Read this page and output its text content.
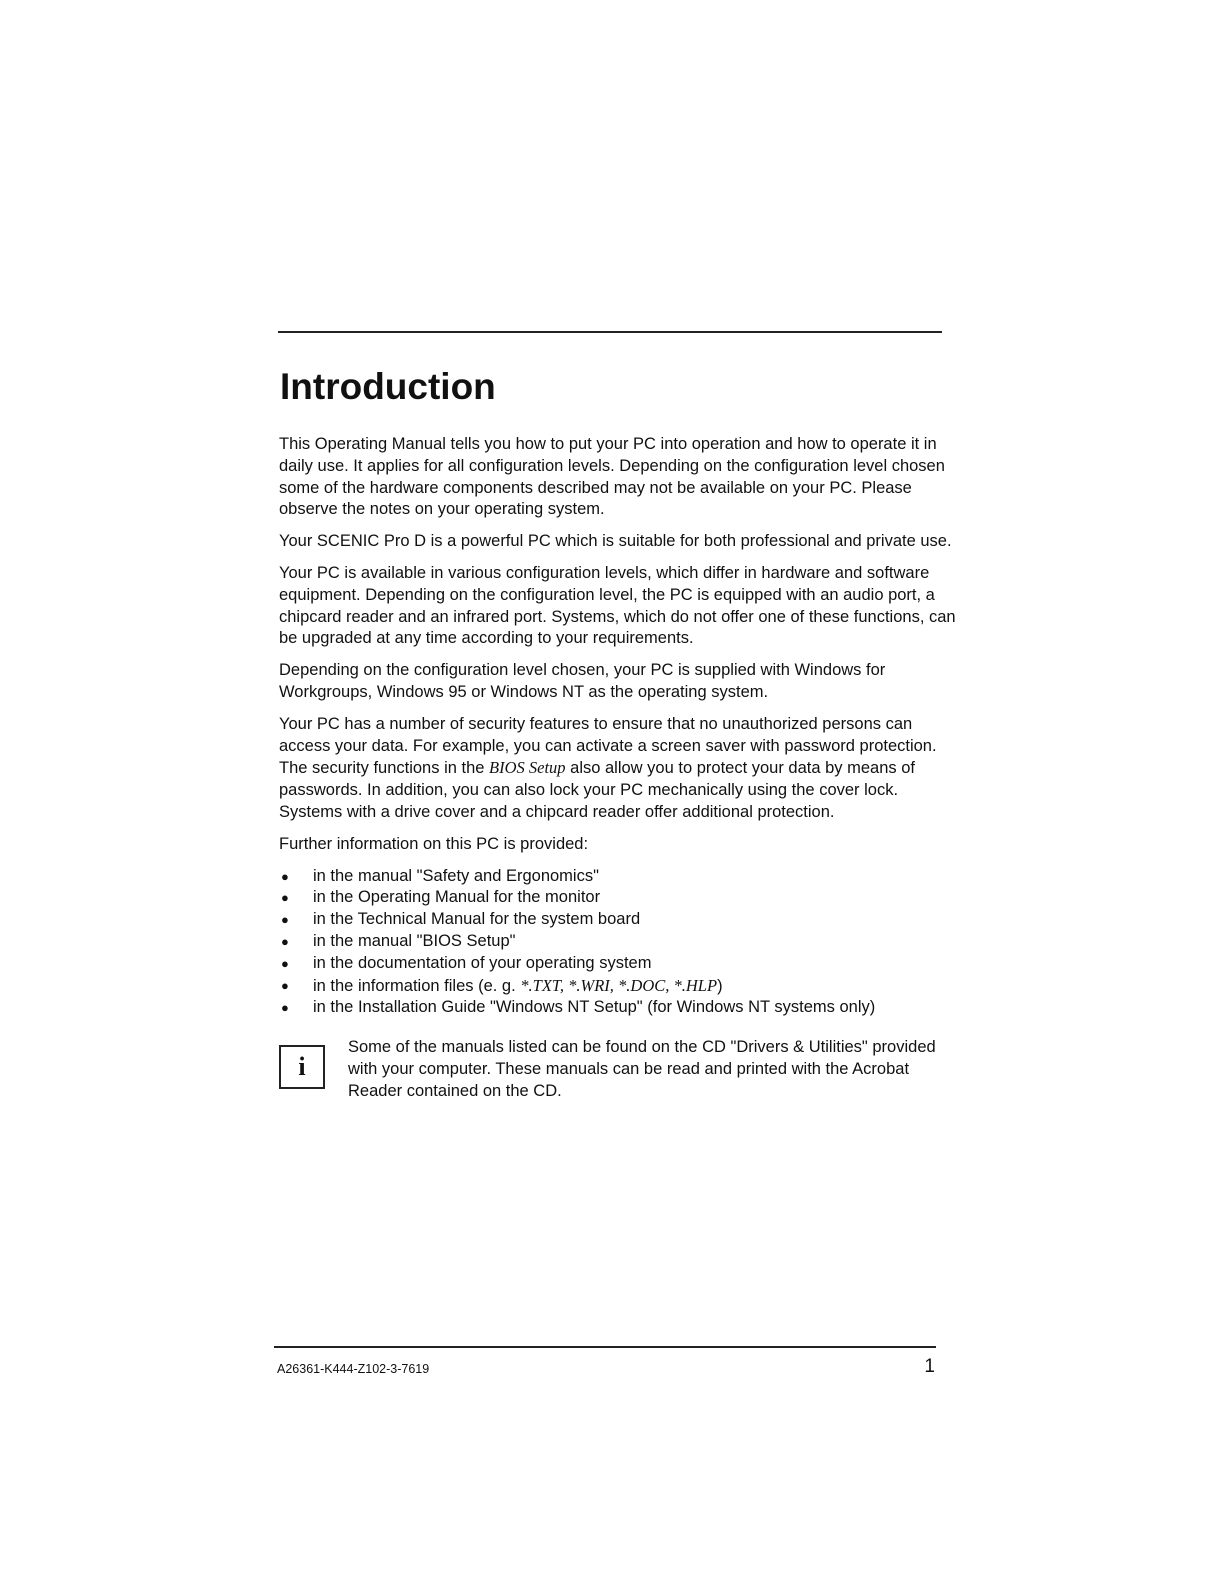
Introduction

This Operating Manual tells you how to put your PC into operation and how to operate it in daily use. It applies for all configuration levels. Depending on the configuration level chosen some of the hardware components described may not be available on your PC. Please observe the notes on your operating system.

Your SCENIC Pro D is a powerful PC which is suitable for both professional and private use.

Your PC is available in various configuration levels, which differ in hardware and software equipment. Depending on the configuration level, the PC is equipped with an audio port, a chipcard reader and an infrared port. Systems, which do not offer one of these functions, can be upgraded at any time according to your requirements.

Depending on the configuration level chosen, your PC is supplied with Windows for Workgroups, Windows 95 or Windows NT as the operating system.

Your PC has a number of security features to ensure that no unauthorized persons can access your data. For example, you can activate a screen saver with password protection. The security functions in the BIOS Setup also allow you to protect your data by means of passwords. In addition, you can also lock your PC mechanically using the cover lock. Systems with a drive cover and a chipcard reader offer additional protection.

Further information on this PC is provided:

● in the manual "Safety and Ergonomics"
● in the Operating Manual for the monitor
● in the Technical Manual for the system board
● in the manual "BIOS Setup"
● in the documentation of your operating system
● in the information files (e. g. *.TXT, *.WRI, *.DOC, *.HLP)
● in the Installation Guide "Windows NT Setup" (for Windows NT systems only)
i

Some of the manuals listed can be found on the CD "Drivers & Utilities" provided with your computer. These manuals can be read and printed with the Acrobat Reader contained on the CD.

A26361-K444-Z102-3-7619	1
